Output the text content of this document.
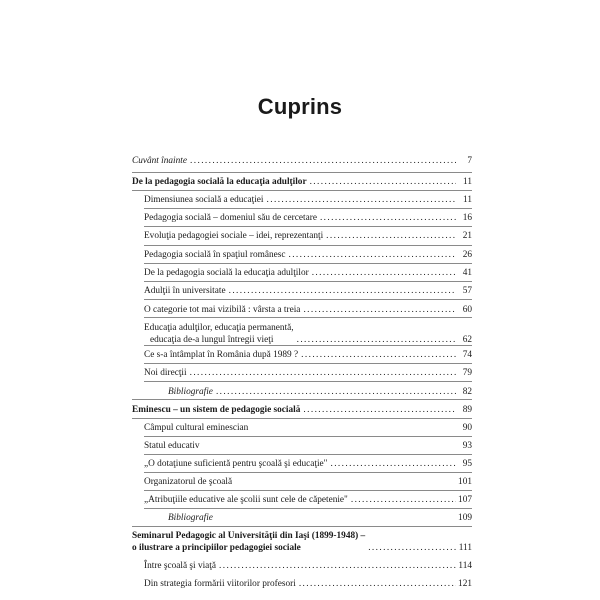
Cuprins
Cuvânt înainte .....	7
De la pedagogia socială la educaţia adulţilor .....	11
Dimensiunea socială a educaţiei .....	11
Pedagogia socială – domeniul său de cercetare .....	16
Evoluţia pedagogiei sociale – idei, reprezentanţi .....	21
Pedagogia socială în spaţiul românesc .....	26
De la pedagogia socială la educaţia adulţilor .....	41
Adulţii în universitate .....	57
O categorie tot mai vizibilă : vârsta a treia .....	60
Educaţia adulţilor, educaţia permanentă,
educaţia de-a lungul întregii vieţi .....	62
Ce s-a întâmplat în România după 1989 ? .....	74
Noi direcţii .....	79
Bibliografie .....	82
Eminescu – un sistem de pedagogie socială .....	89
Câmpul cultural eminescian	90
Statul educativ	93
„O dotaţiune suficientă pentru şcoală şi educaţie" .....	95
Organizatorul de şcoală	101
„Atribuţiile educative ale şcolii sunt cele de căpetenie" .....	107
Bibliografie	109
Seminarul Pedagogic al Universităţii din Iaşi (1899-1948) –
o ilustrare a principiilor pedagogiei sociale .....	111
Între şcoală şi viaţă .....	114
Din strategia formării viitorilor profesori .....	121
